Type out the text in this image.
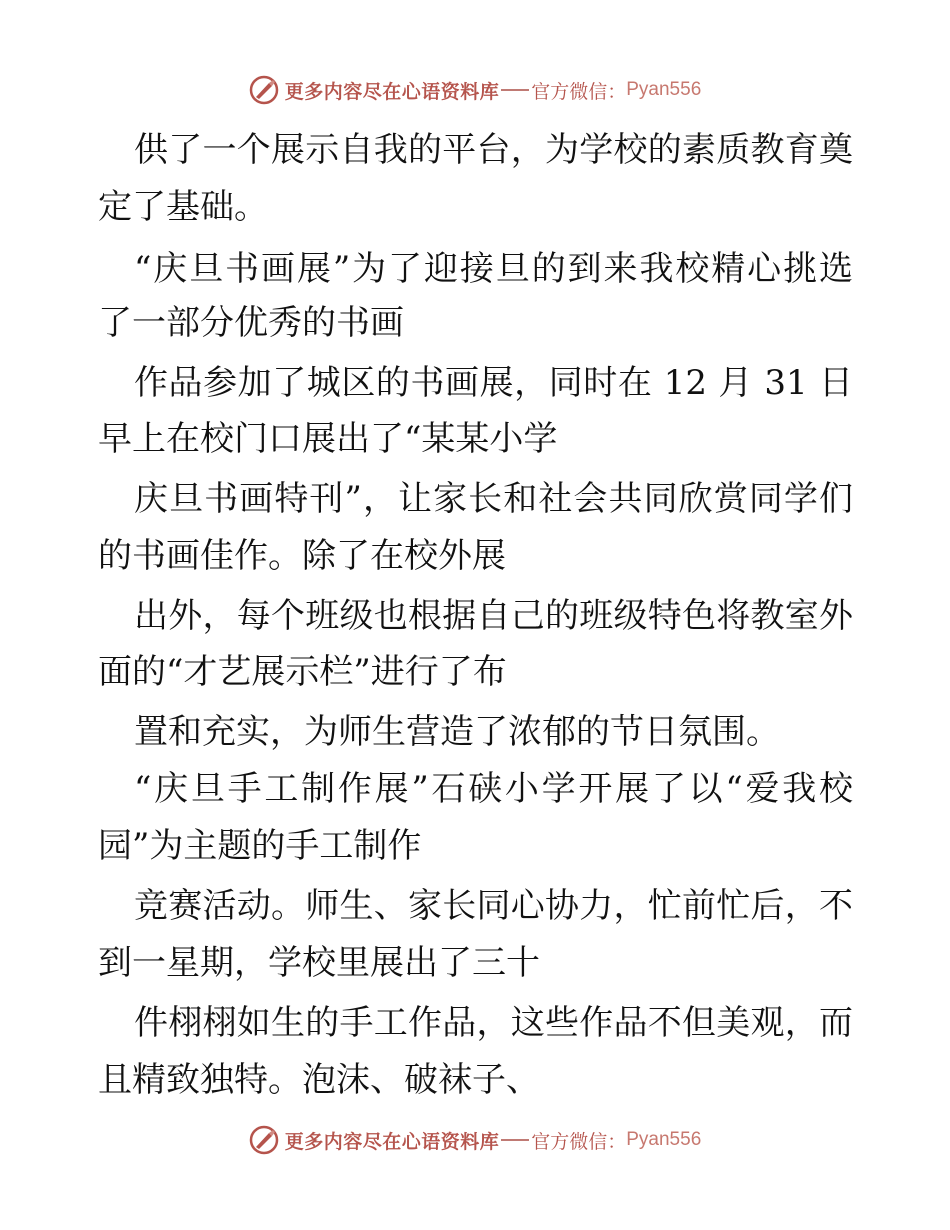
更多内容尽在心语资料库 官方微信： Pyan556
供了一个展示自我的平台，为学校的素质教育奠
定了基础。
“庆旦书画展”为了迎接旦的到来我校精心挑选
了一部分优秀的书画
作品参加了城区的书画展，同时在 12 月 31 日
早上在校门口展出了“某某小学
庆旦书画特刊”，让家长和社会共同欣赏同学们
的书画佳作。除了在校外展
出外，每个班级也根据自己的班级特色将教室外
面的“才艺展示栏”进行了布
置和充实，为师生营造了浓郁的节日氛围。
“庆旦手工制作展”石硖小学开展了以“爱我校
园”为主题的手工制作
竞赛活动。师生、家长同心协力，忙前忙后，不
到一星期，学校里展出了三十
件栩栩如生的手工作品，这些作品不但美观，而
且精致独特。泡沫、破袜子、
更多内容尽在心语资料库 官方微信： Pyan556
